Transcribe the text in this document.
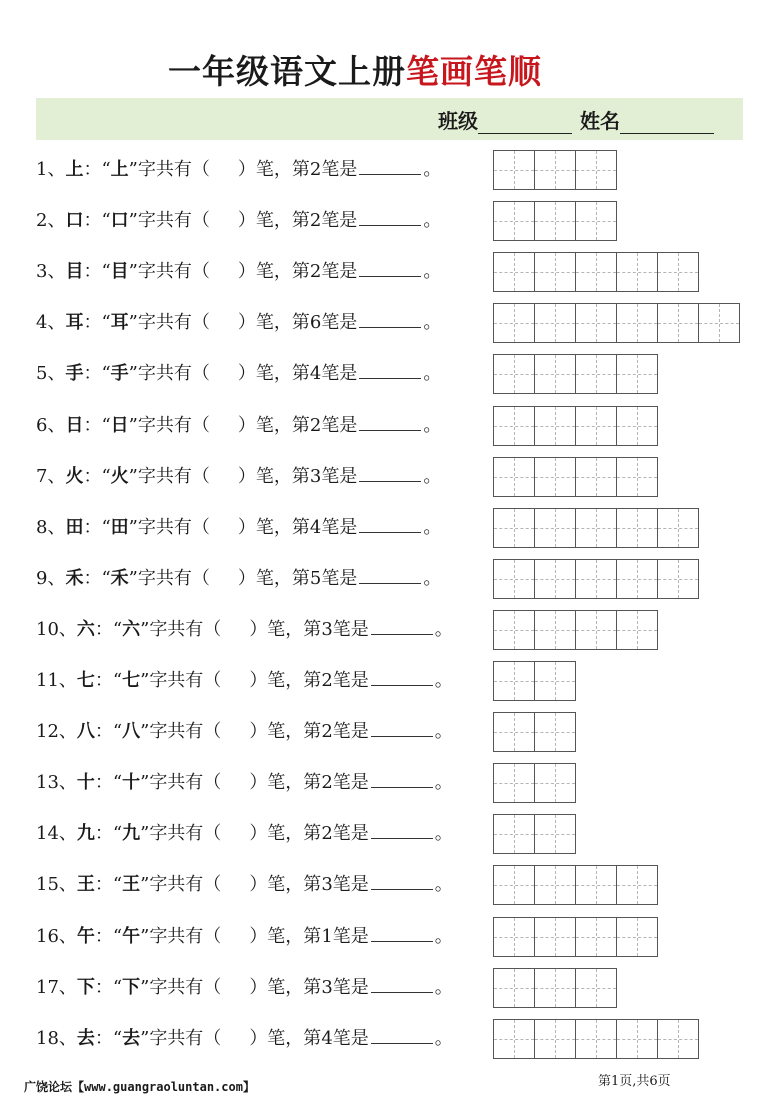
一年级语文上册笔画笔顺
班级	姓名
1、上：“上”字共有（ ）笔，第2笔是	。
2、口：“口”字共有（ ）笔，第2笔是	。
3、目：“目”字共有（ ）笔，第2笔是	。
4、耳：“耳”字共有（ ）笔，第6笔是	。
5、手：“手”字共有（ ）笔，第4笔是	。
6、日：“日”字共有（ ）笔，第2笔是	。
7、火：“火”字共有（ ）笔，第3笔是	。
8、田：“田”字共有（ ）笔，第4笔是	。
9、禾：“禾”字共有（ ）笔，第5笔是	。
10、六：“六”字共有（ ）笔，第3笔是	。
11、七：“七”字共有（ ）笔，第2笔是	。
12、八：“八”字共有（ ）笔，第2笔是	。
13、十：“十”字共有（ ）笔，第2笔是	。
14、九：“九”字共有（ ）笔，第2笔是	。
15、王：“王”字共有（ ）笔，第3笔是	。
16、午：“午”字共有（ ）笔，第1笔是	。
17、下：“下”字共有（ ）笔，第3笔是	。
18、去：“去”字共有（ ）笔，第4笔是	。
广饶论坛【www.guangraoluntan.com】	第1页,共6页
